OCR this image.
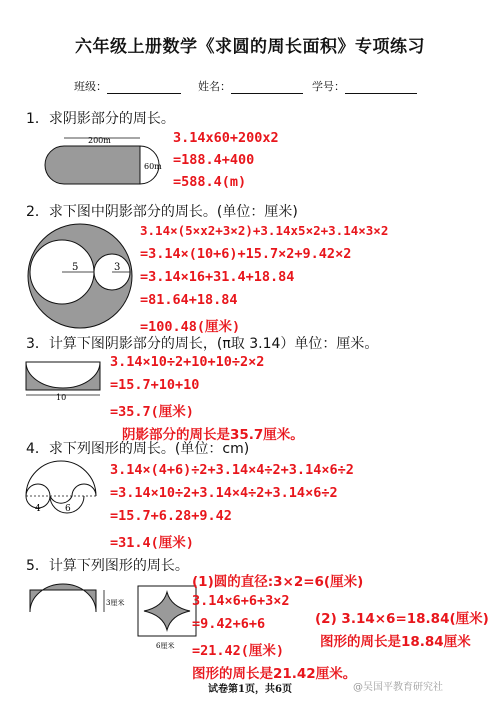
六年级上册数学《求圆的周长面积》专项练习
班级：	姓名：	学号：
1．求阴影部分的周长。
200m
60m
3.14x60+200x2
=188.4+400
=588.4(m)
2．求下图中阴影部分的周长。(单位：厘米)
5	3
3.14×(5×x2+3×2)+3.14x5×2+3.14×3×2
=3.14×(10+6)+15.7×2+9.42×2
=3.14×16+31.4+18.84
=81.64+18.84
=100.48(厘米)
3．计算下图阴影部分的周长，(π取 3.14）单位：厘米。
10
3.14×10÷2+10+10÷2×2
=15.7+10+10
=35.7(厘米)
阴影部分的周长是35.7厘米。
4．求下列图形的周长。(单位：cm)
4	6
3.14×(4+6)÷2+3.14×4÷2+3.14×6÷2
=3.14×10÷2+3.14×4÷2+3.14×6÷2
=15.7+6.28+9.42
=31.4(厘米)
5．计算下列图形的周长。
3厘米
6厘米
(1)圆的直径:3×2=6(厘米)
3.14×6+6+3×2
=9.42+6+6
=21.42(厘米)
图形的周长是21.42厘米。
(2) 3.14×6=18.84(厘米)
图形的周长是18.84厘米
试卷第1页，共6页	@吴国平教育研究社
